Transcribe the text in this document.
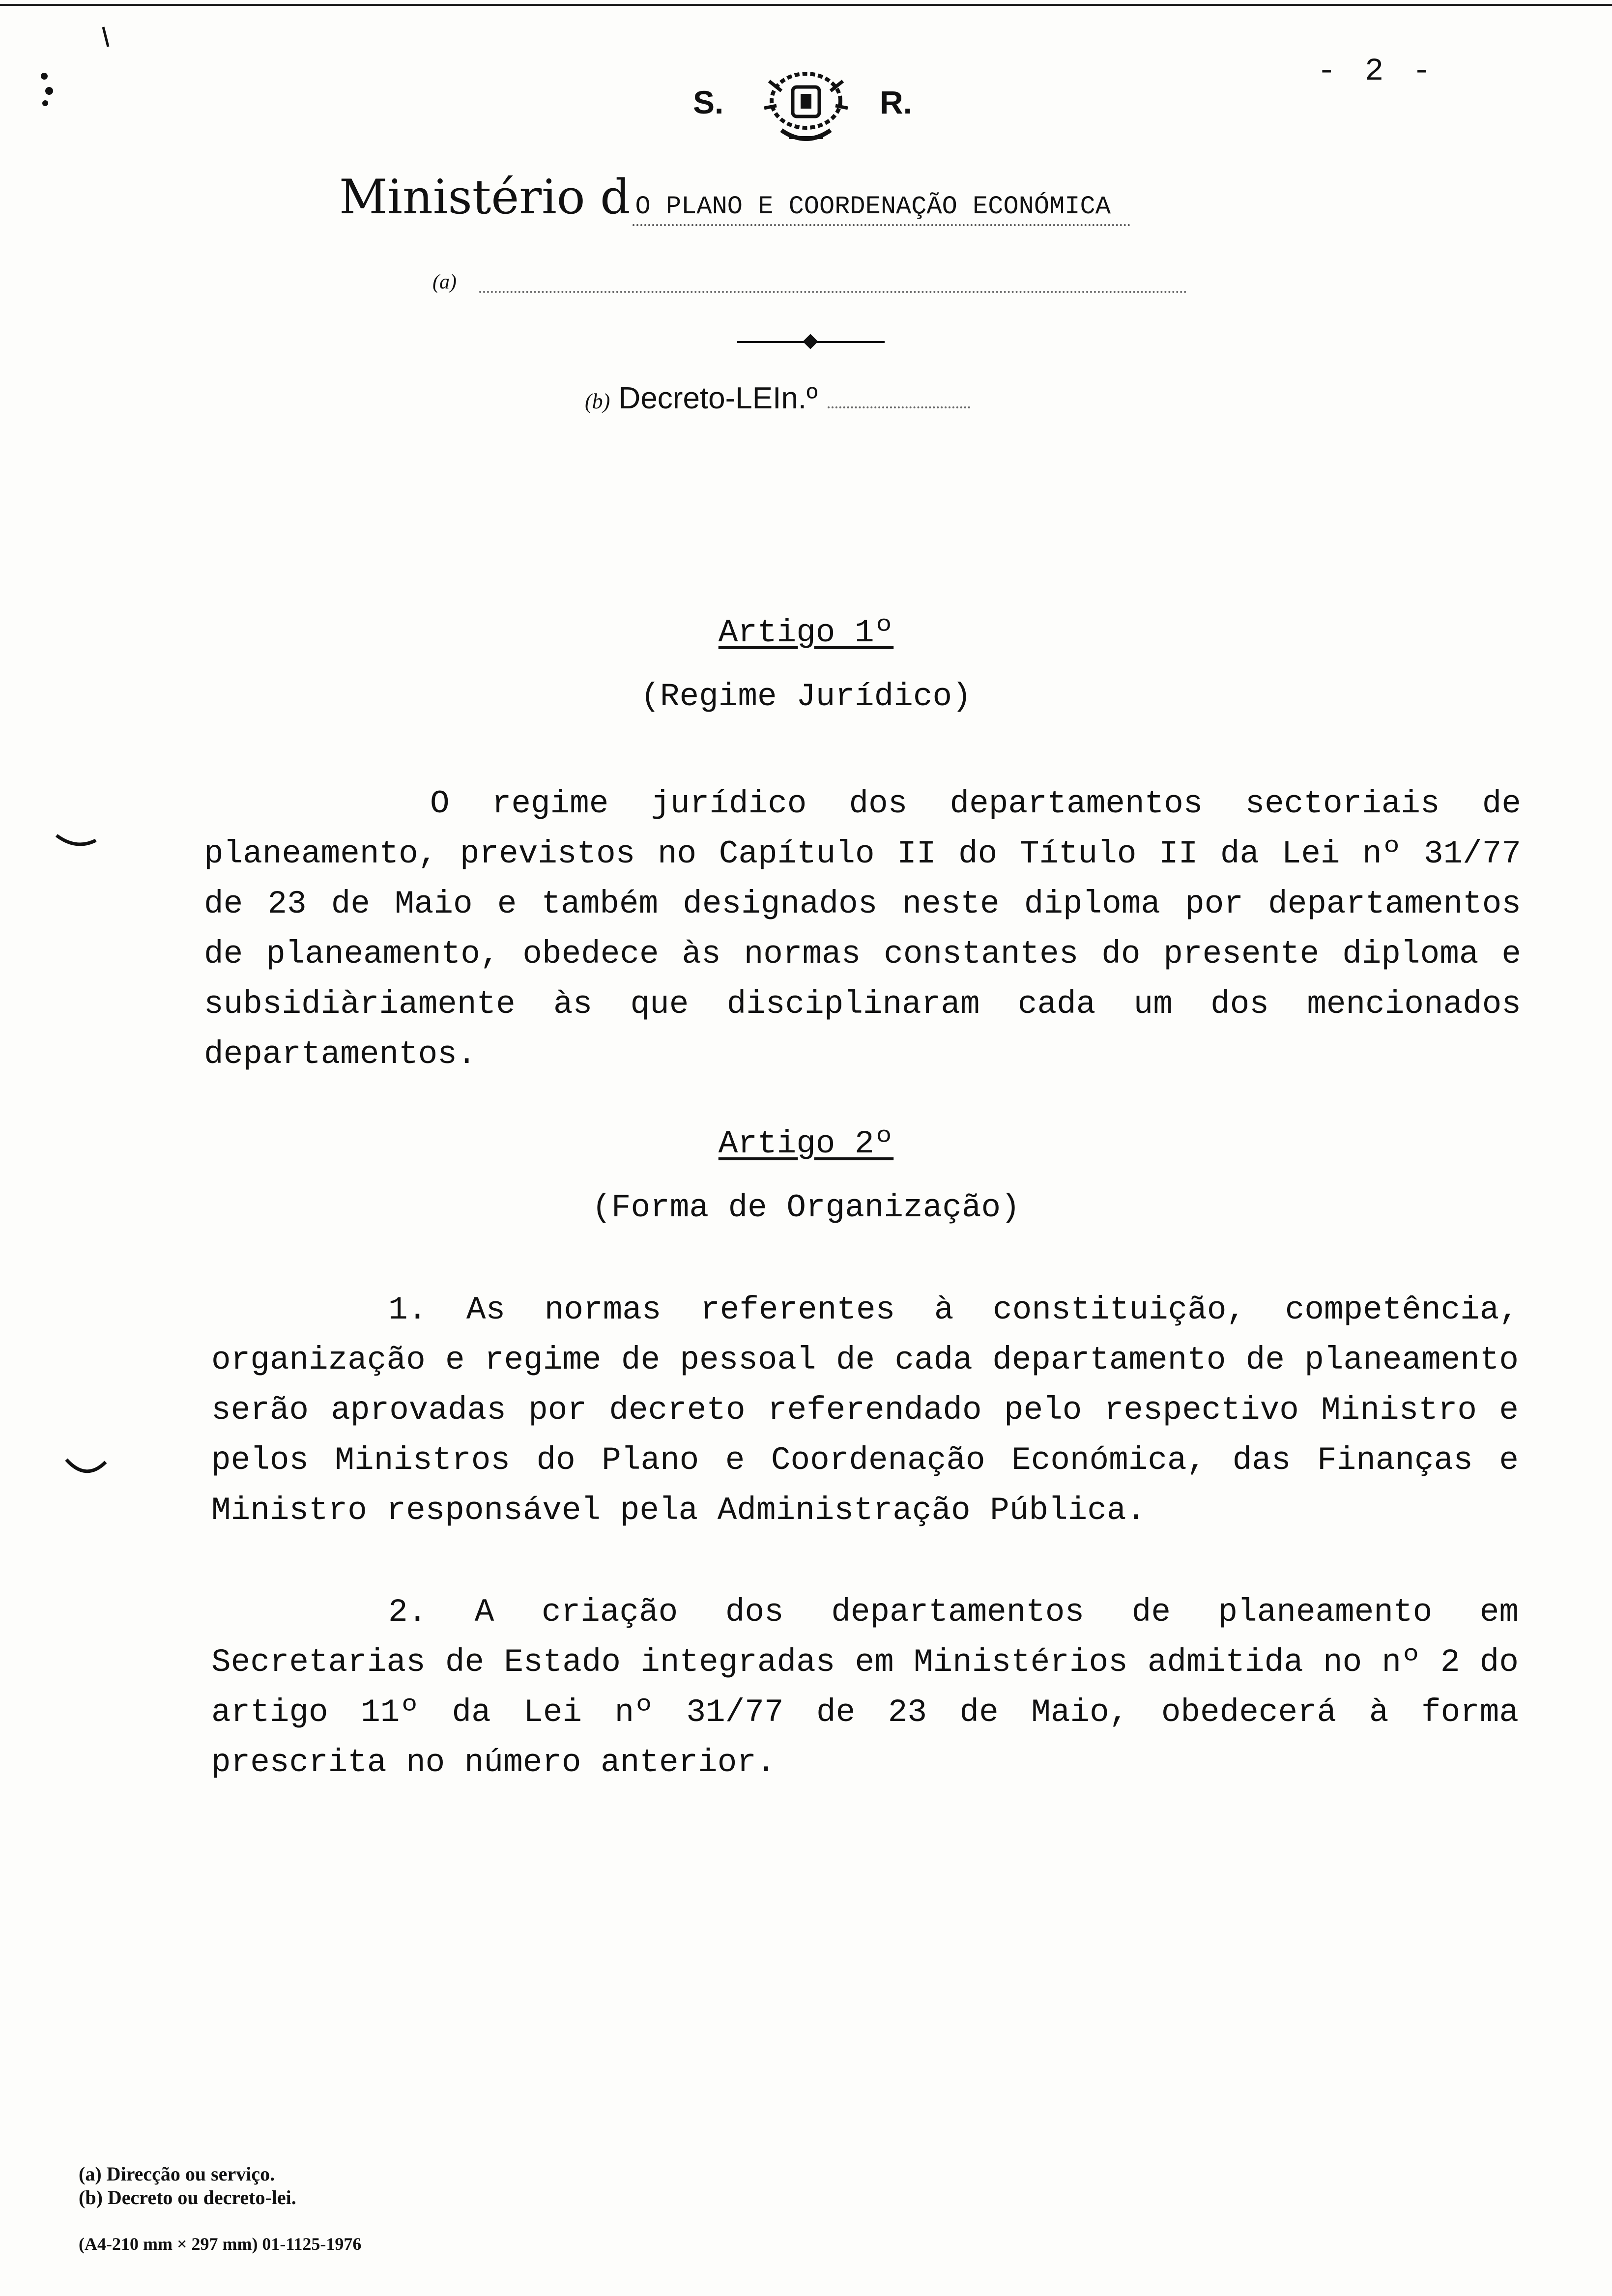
- 2 -
S.	R.
Ministério d O PLANO E COORDENAÇÃO ECONÓMICA
(a)
(b) Decreto-LEIn.º
Artigo 1º
(Regime Jurídico)

O regime jurídico dos departamentos sectoriais de planeamento, previstos no Capítulo II do Título II da Lei nº 31/77 de 23 de Maio e também designados neste diploma por departamentos de planeamento, obedece às normas constantes do presente diploma e subsidiàriamente às que disciplinaram cada um dos mencionados departamentos.

Artigo 2º
(Forma de Organização)

1. As normas referentes à constituição, competência, organização e regime de pessoal de cada departamento de planeamento serão aprovadas por decreto referendado pelo respectivo Ministro e pelos Ministros do Plano e Coordenação Económica, das Finanças e Ministro responsável pela Administração Pública.

2. A criação dos departamentos de planeamento em Secretarias de Estado integradas em Ministérios admitida no nº 2 do artigo 11º da Lei nº 31/77 de 23 de Maio, obedecerá à forma prescrita no número anterior.

(a) Direcção ou serviço.
(b) Decreto ou decreto-lei.
(A4-210 mm × 297 mm) 01-1125-1976
